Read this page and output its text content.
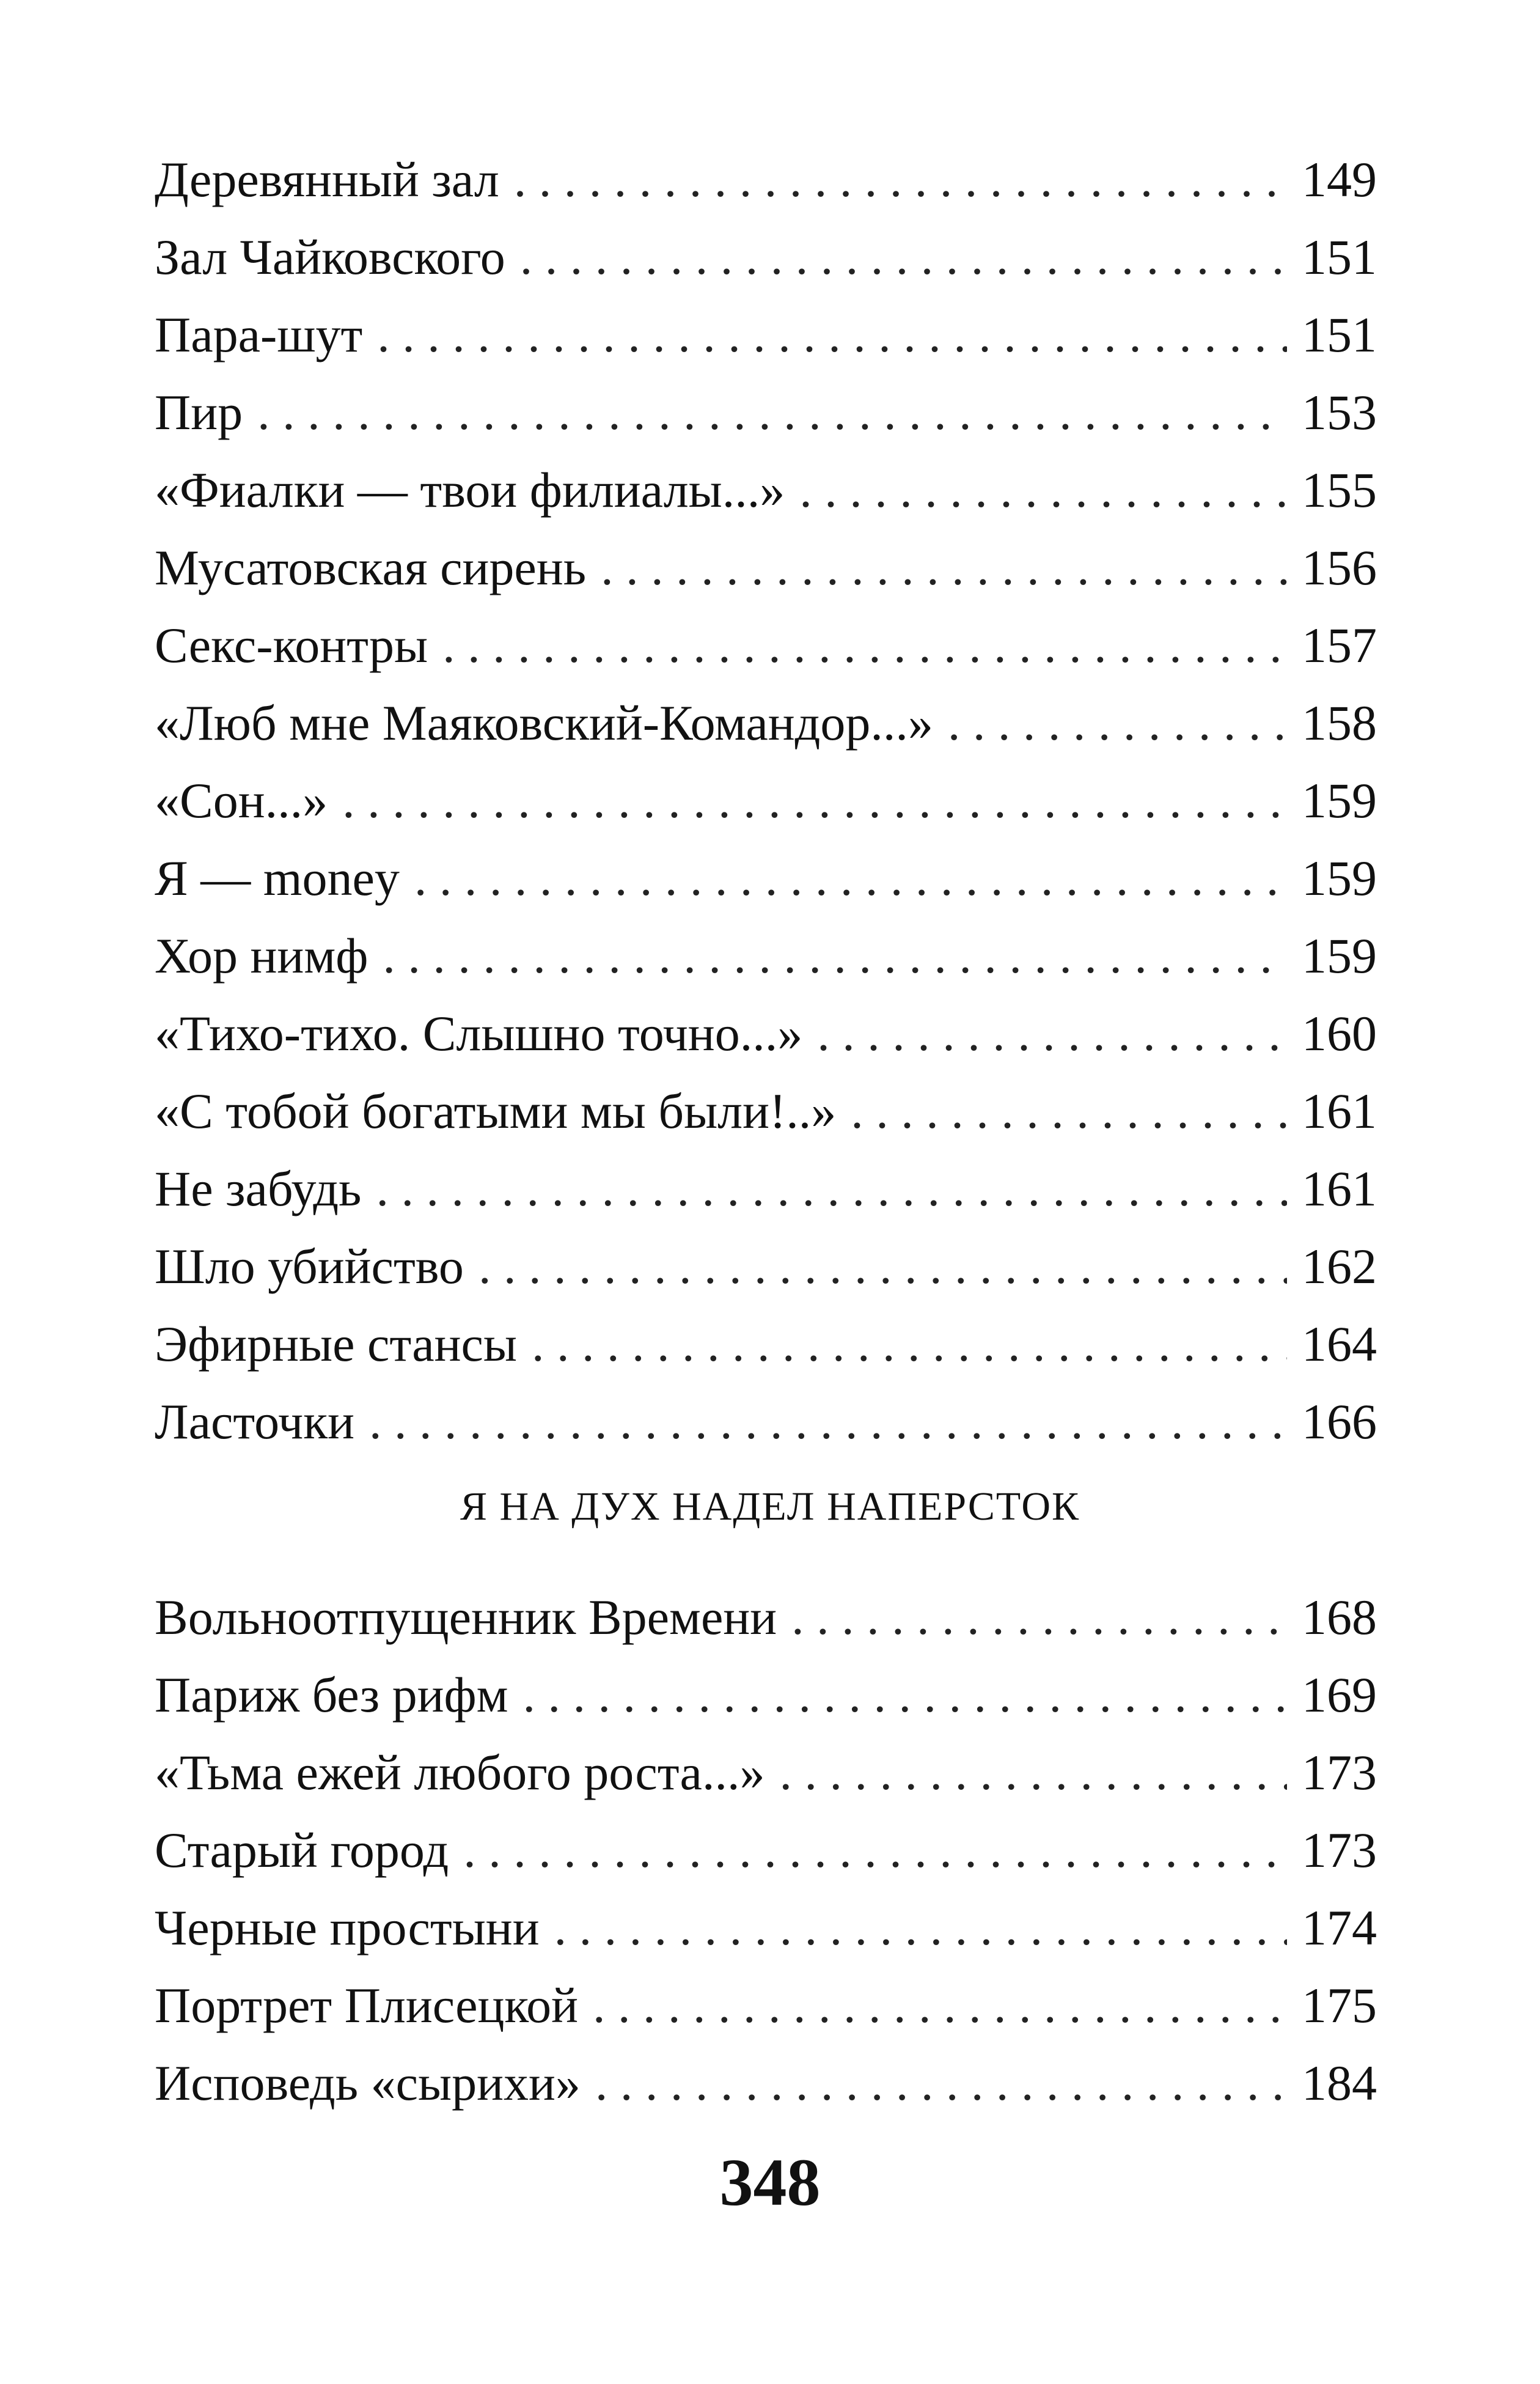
Деревянный зал . . .	149
Зал Чайковского . . .	151
Пара-шут . . .	151
Пир . . .	153
«Фиалки — твои филиалы...» . . .	155
Мусатовская сирень . . .	156
Секс-контры . . .	157
«Люб мне Маяковский-Командор...» . . .	158
«Сон...» . . .	159
Я — money . . .	159
Хор нимф . . .	159
«Тихо-тихо. Слышно точно...» . . .	160
«С тобой богатыми мы были!..» . . .	161
Не забудь . . .	161
Шло убийство . . .	162
Эфирные стансы . . .	164
Ласточки . . .	166
Я НА ДУХ НАДЕЛ НАПЕРСТОК
Вольноотпущенник Времени . . .	168
Париж без рифм . . .	169
«Тьма ежей любого роста...» . . .	173
Старый город . . .	173
Черные простыни . . .	174
Портрет Плисецкой . . .	175
Исповедь «сырихи» . . .	184
348
